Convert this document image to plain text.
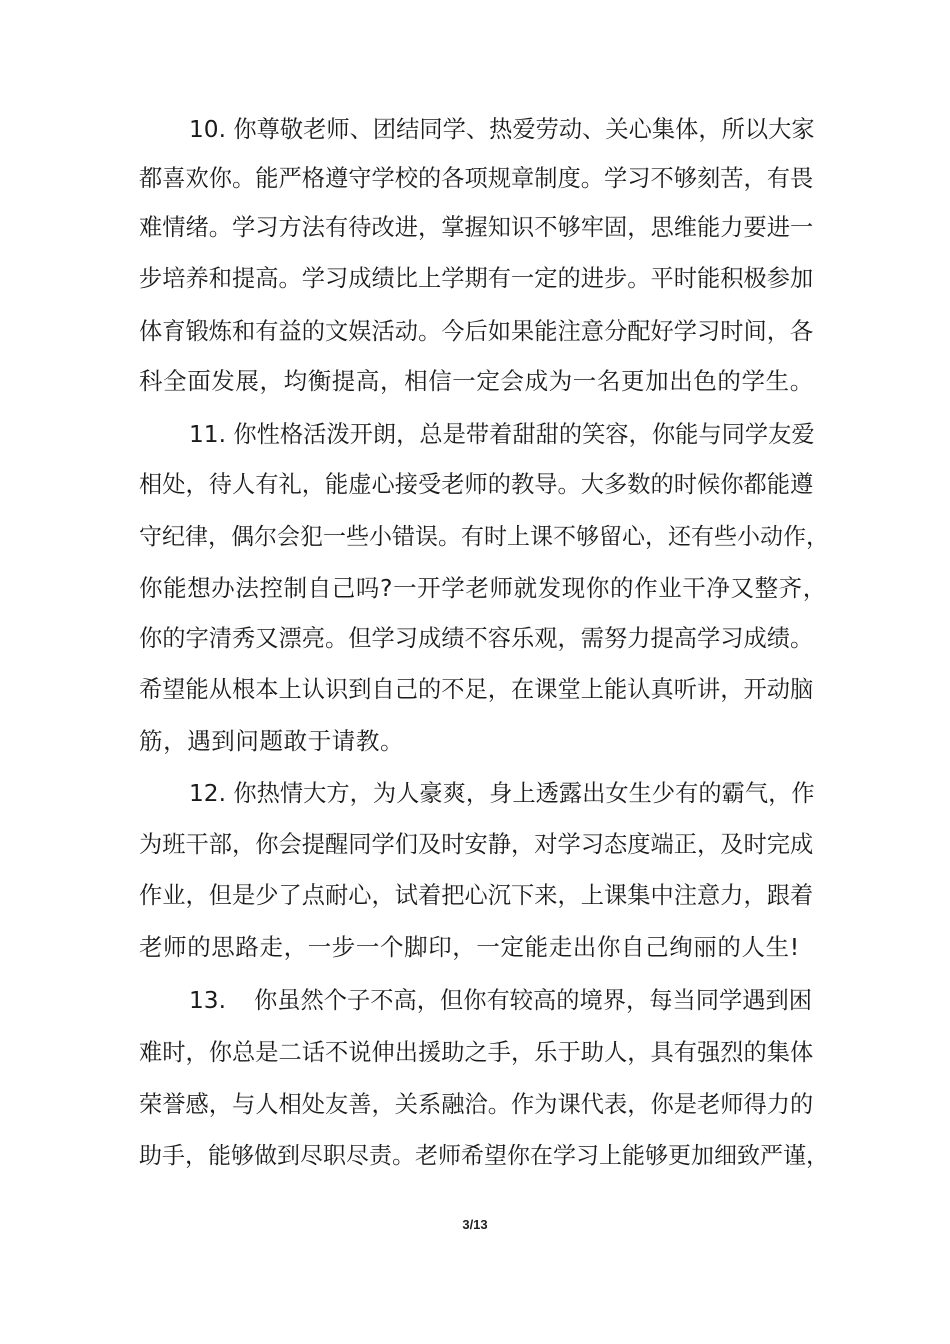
10. 你尊敬老师、团结同学、热爱劳动、关心集体，所以大家
都喜欢你。能严格遵守学校的各项规章制度。学习不够刻苦，有畏
难情绪。学习方法有待改进，掌握知识不够牢固，思维能力要进一
步培养和提高。学习成绩比上学期有一定的进步。平时能积极参加
体育锻炼和有益的文娱活动。今后如果能注意分配好学习时间，各
科全面发展，均衡提高，相信一定会成为一名更加出色的学生。
11. 你性格活泼开朗，总是带着甜甜的笑容，你能与同学友爱
相处，待人有礼，能虚心接受老师的教导。大多数的时候你都能遵
守纪律，偶尔会犯一些小错误。有时上课不够留心，还有些小动作，
你能想办法控制自己吗?一开学老师就发现你的作业干净又整齐，
你的字清秀又漂亮。但学习成绩不容乐观，需努力提高学习成绩。
希望能从根本上认识到自己的不足，在课堂上能认真听讲，开动脑
筋，遇到问题敢于请教。
12. 你热情大方，为人豪爽，身上透露出女生少有的霸气，作
为班干部，你会提醒同学们及时安静，对学习态度端正，及时完成
作业，但是少了点耐心，试着把心沉下来，上课集中注意力，跟着
老师的思路走，一步一个脚印，一定能走出你自己绚丽的人生!
13. 你虽然个子不高，但你有较高的境界，每当同学遇到困
难时，你总是二话不说伸出援助之手，乐于助人，具有强烈的集体
荣誉感，与人相处友善，关系融洽。作为课代表，你是老师得力的
助手，能够做到尽职尽责。老师希望你在学习上能够更加细致严谨，
3/13
